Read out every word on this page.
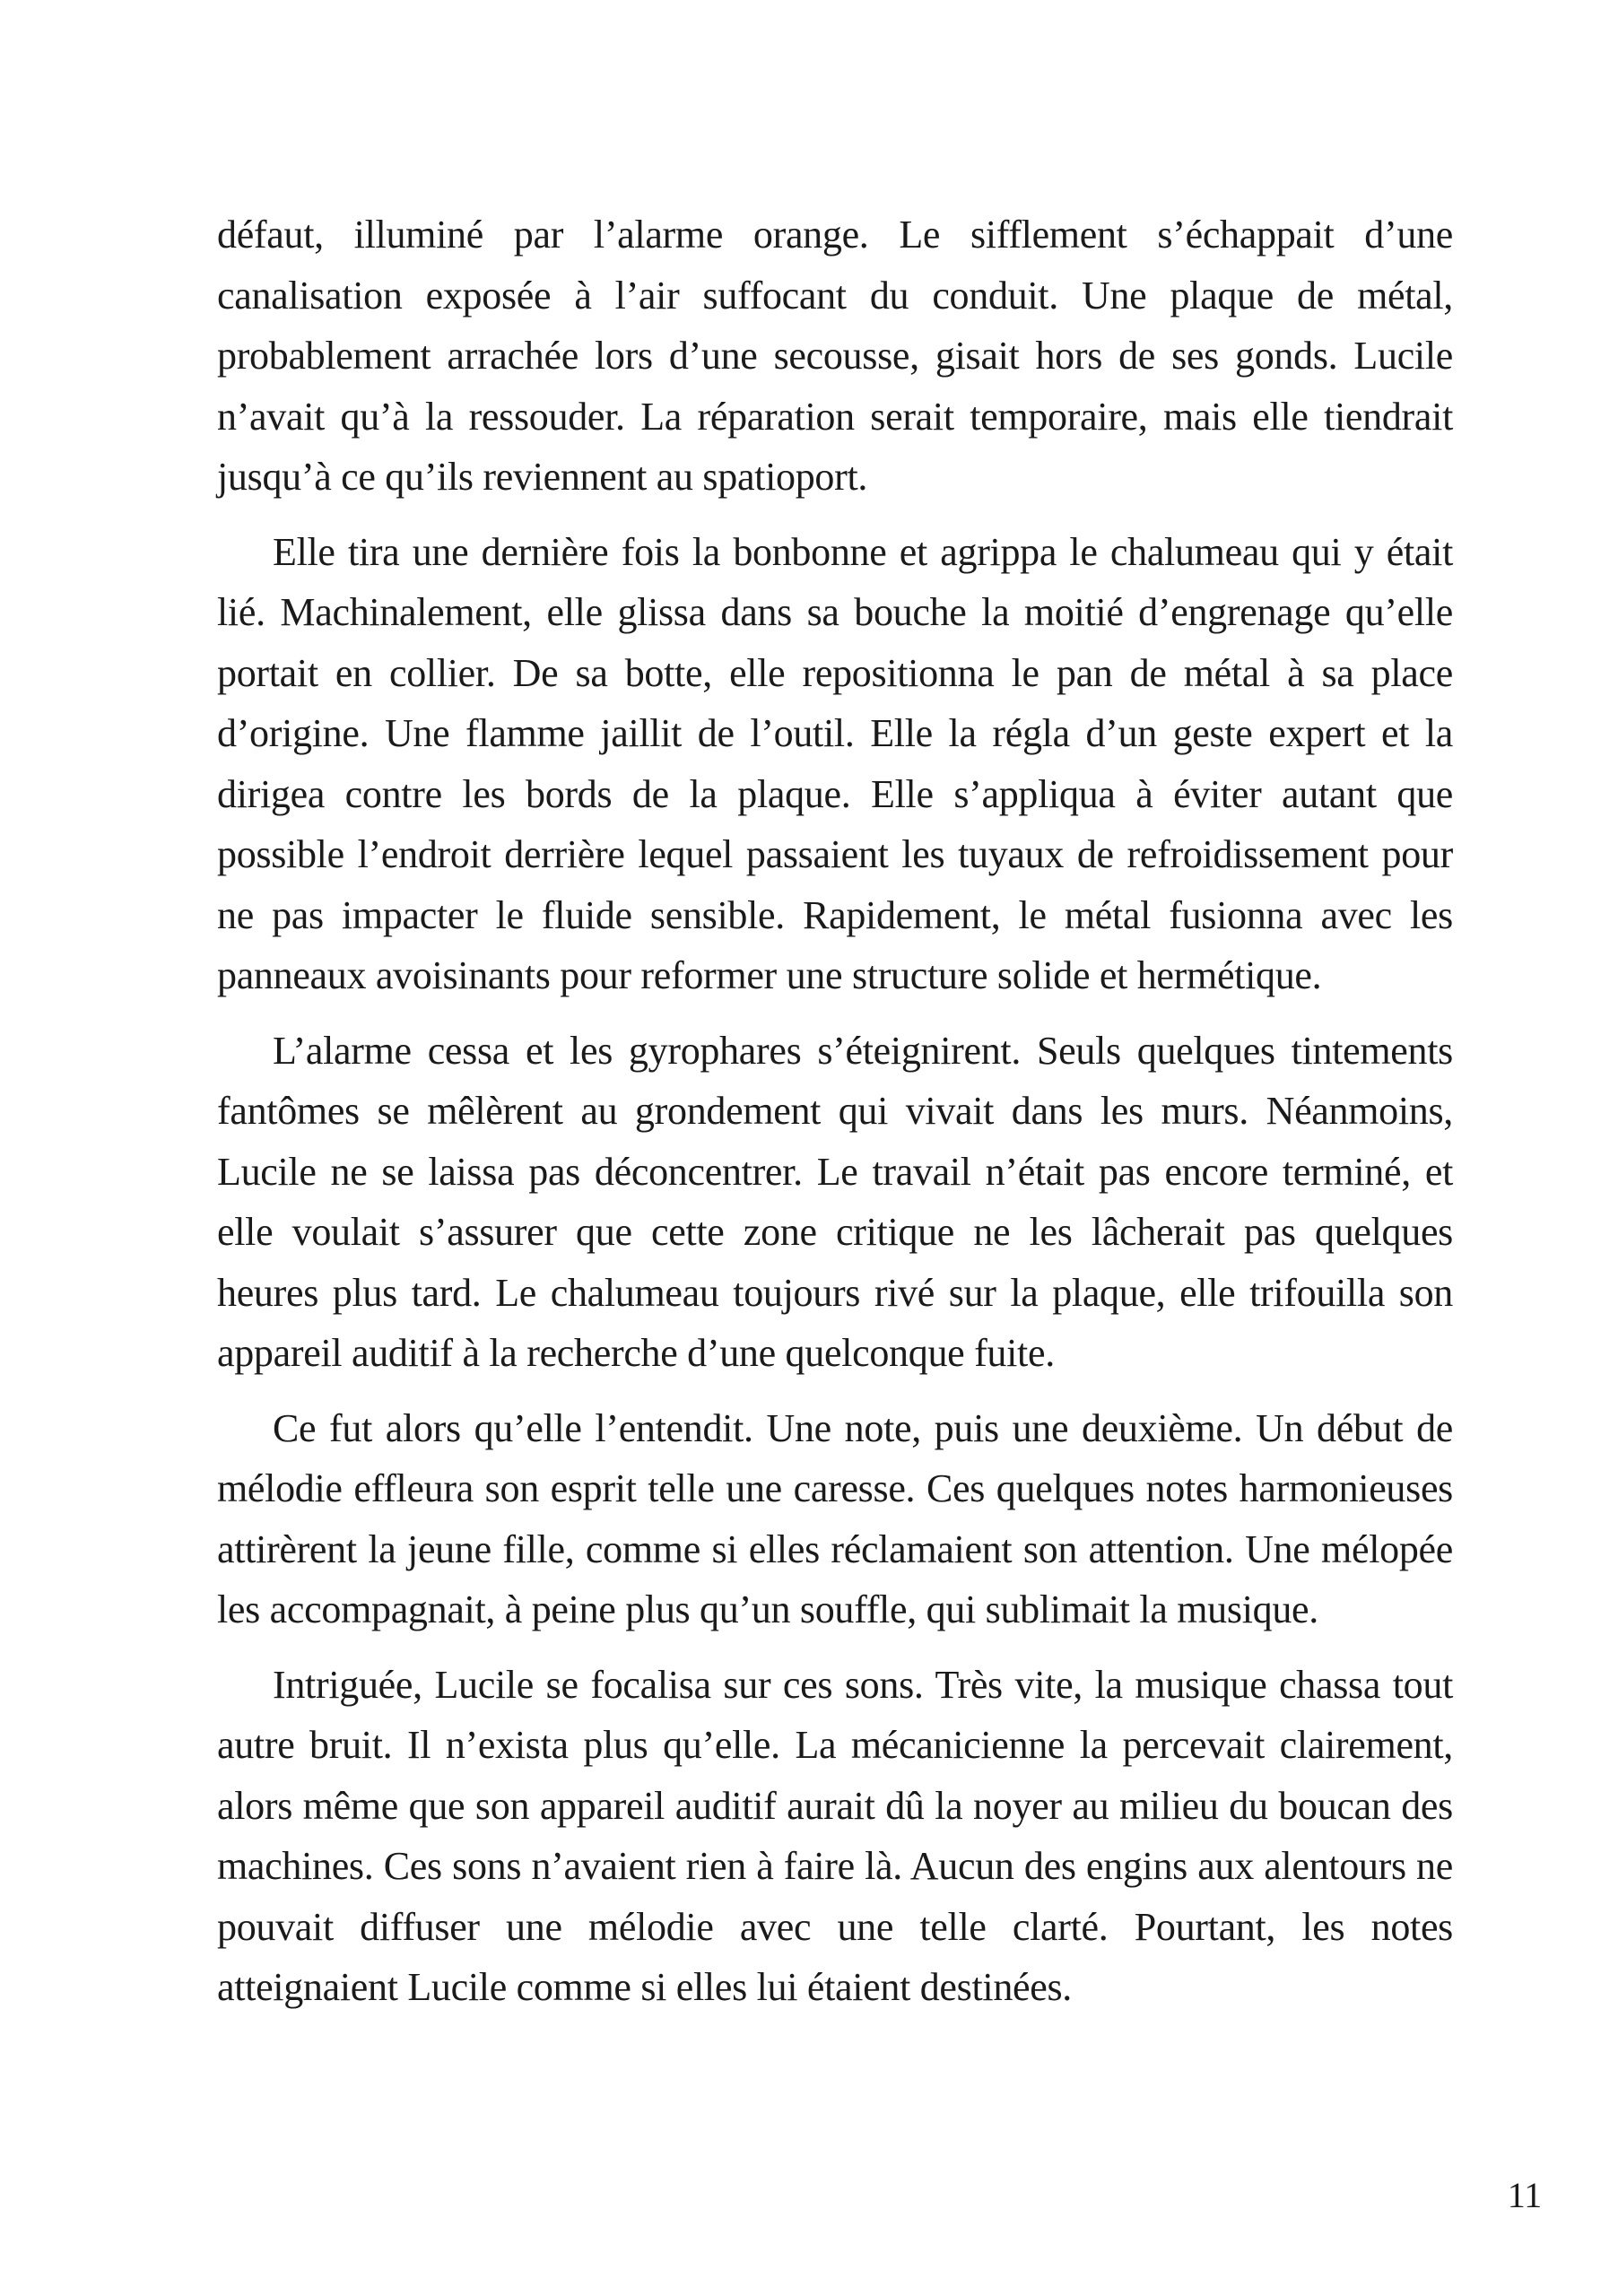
défaut, illuminé par l’alarme orange. Le sifflement s’échappait d’une canalisation exposée à l’air suffocant du conduit. Une plaque de métal, probablement arrachée lors d’une secousse, gisait hors de ses gonds. Lucile n’avait qu’à la ressouder. La réparation serait temporaire, mais elle tiendrait jusqu’à ce qu’ils reviennent au spatioport.

Elle tira une dernière fois la bonbonne et agrippa le chalumeau qui y était lié. Machinalement, elle glissa dans sa bouche la moitié d’engrenage qu’elle portait en collier. De sa botte, elle repositionna le pan de métal à sa place d’origine. Une flamme jaillit de l’outil. Elle la régla d’un geste expert et la dirigea contre les bords de la plaque. Elle s’appliqua à éviter autant que possible l’endroit derrière lequel passaient les tuyaux de refroidissement pour ne pas impacter le fluide sensible. Rapidement, le métal fusionna avec les panneaux avoisinants pour reformer une structure solide et hermétique.

L’alarme cessa et les gyrophares s’éteignirent. Seuls quelques tintements fantômes se mêlèrent au grondement qui vivait dans les murs. Néanmoins, Lucile ne se laissa pas déconcentrer. Le travail n’était pas encore terminé, et elle voulait s’assurer que cette zone critique ne les lâcherait pas quelques heures plus tard. Le chalumeau toujours rivé sur la plaque, elle trifouilla son appareil auditif à la recherche d’une quelconque fuite.

Ce fut alors qu’elle l’entendit. Une note, puis une deuxième. Un début de mélodie effleura son esprit telle une caresse. Ces quelques notes harmonieuses attirèrent la jeune fille, comme si elles réclamaient son attention. Une mélopée les accompagnait, à peine plus qu’un souffle, qui sublimait la musique.

Intriguée, Lucile se focalisa sur ces sons. Très vite, la musique chassa tout autre bruit. Il n’exista plus qu’elle. La mécanicienne la percevait clairement, alors même que son appareil auditif aurait dû la noyer au milieu du boucan des machines. Ces sons n’avaient rien à faire là. Aucun des engins aux alentours ne pouvait diffuser une mélodie avec une telle clarté. Pourtant, les notes atteignaient Lucile comme si elles lui étaient destinées.

11
